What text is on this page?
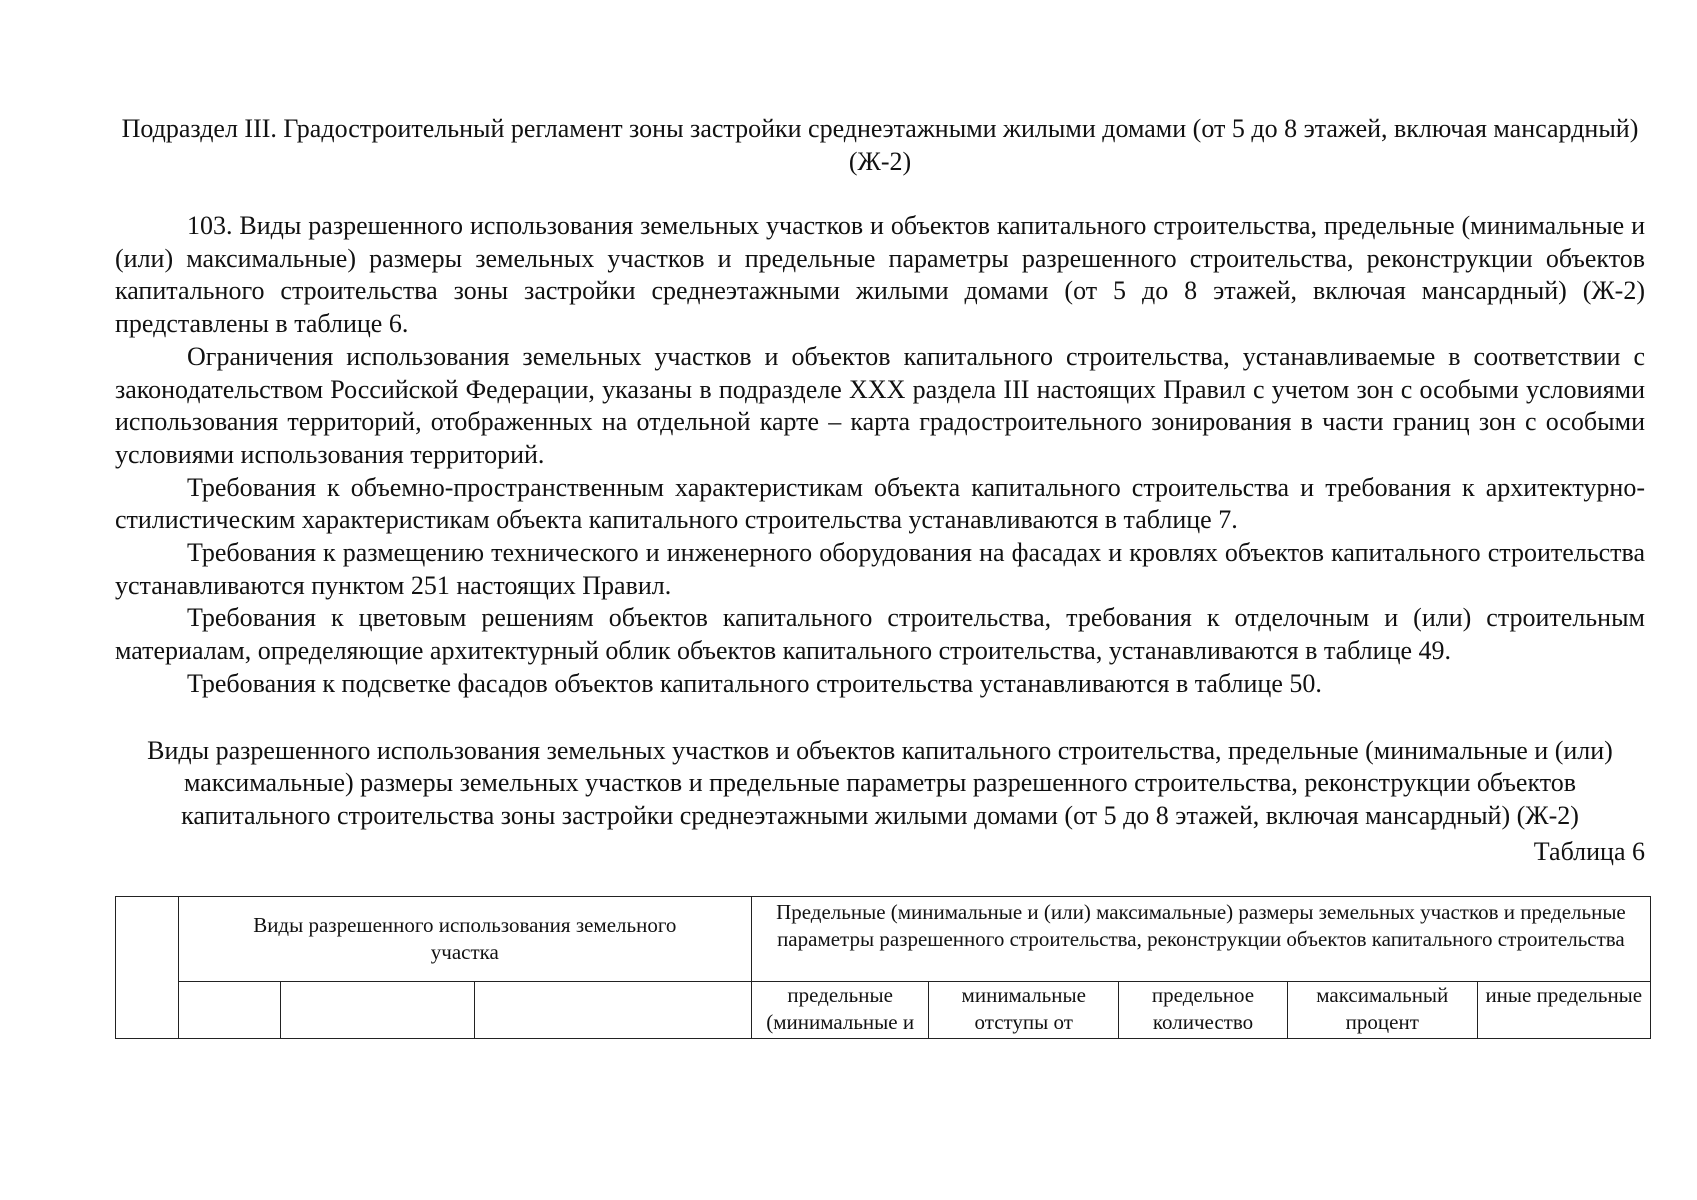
Подраздел III. Градостроительный регламент зоны застройки среднеэтажными жилыми домами (от 5 до 8 этажей, включая мансардный) (Ж-2)

103. Виды разрешенного использования земельных участков и объектов капитального строительства, предельные (минимальные и (или) максимальные) размеры земельных участков и предельные параметры разрешенного строительства, реконструкции объектов капитального строительства зоны застройки среднеэтажными жилыми домами (от 5 до 8 этажей, включая мансардный) (Ж-2) представлены в таблице 6.

Ограничения использования земельных участков и объектов капитального строительства, устанавливаемые в соответствии с законодательством Российской Федерации, указаны в подразделе XXX раздела III настоящих Правил с учетом зон с особыми условиями использования территорий, отображенных на отдельной карте – карта градостроительного зонирования в части границ зон с особыми условиями использования территорий.

Требования к объемно-пространственным характеристикам объекта капитального строительства и требования к архитектурно-стилистическим характеристикам объекта капитального строительства устанавливаются в таблице 7.

Требования к размещению технического и инженерного оборудования на фасадах и кровлях объектов капитального строительства устанавливаются пунктом 251 настоящих Правил.

Требования к цветовым решениям объектов капитального строительства, требования к отделочным и (или) строительным материалам, определяющие архитектурный облик объектов капитального строительства, устанавливаются в таблице 49.

Требования к подсветке фасадов объектов капитального строительства устанавливаются в таблице 50.

Виды разрешенного использования земельных участков и объектов капитального строительства, предельные (минимальные и (или) максимальные) размеры земельных участков и предельные параметры разрешенного строительства, реконструкции объектов капитального строительства зоны застройки среднеэтажными жилыми домами (от 5 до 8 этажей, включая мансардный) (Ж-2)

Таблица 6

	Виды разрешенного использования земельного участка			Предельные (минимальные и (или) максимальные) размеры земельных участков и предельные параметры разрешенного строительства, реконструкции объектов капитального строительства				

				предельные (минимальные и	минимальные отступы от	предельное количество	максимальный процент	иные предельные
